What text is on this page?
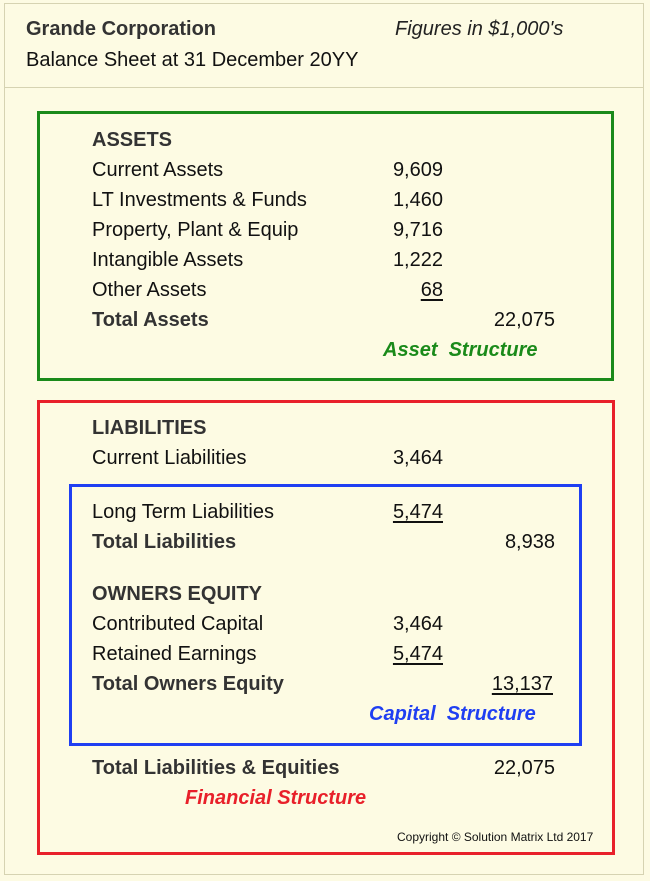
Grande Corporation	Figures in $1,000's
Balance Sheet at 31 December 20YY
ASSETS
Current Assets	9,609
LT Investments & Funds	1,460
Property, Plant & Equip	9,716
Intangible Assets	1,222
Other Assets	68
Total Assets	22,075
Asset  Structure
LIABILITIES
Current Liabilities	3,464
Long Term Liabilities	5,474
Total Liabilities	8,938
OWNERS EQUITY
Contributed Capital	3,464
Retained Earnings	5,474
Total Owners Equity	13,137
Capital  Structure
Total Liabilities & Equities	22,075
Financial Structure
Copyright © Solution Matrix Ltd 2017
